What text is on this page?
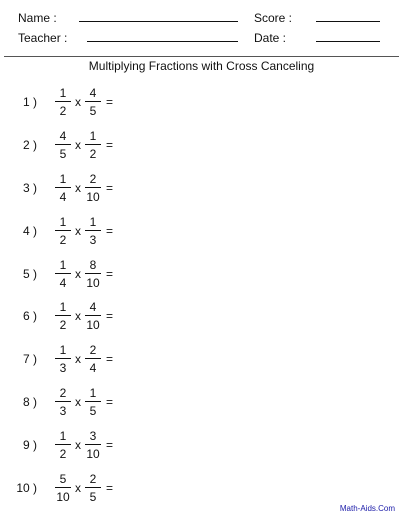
Name :	Score :
Teacher :	Date :
Multiplying Fractions with Cross Canceling
1 )
1
2
x
4
5
=
2 )
4
5
x
1
2
=
3 )
1
4
x
2
10
=
4 )
1
2
x
1
3
=
5 )
1
4
x
8
10
=
6 )
1
2
x
4
10
=
7 )
1
3
x
2
4
=
8 )
2
3
x
1
5
=
9 )
1
2
x
3
10
=
10 )
5
10
x
2
5
=
Math-Aids.Com
